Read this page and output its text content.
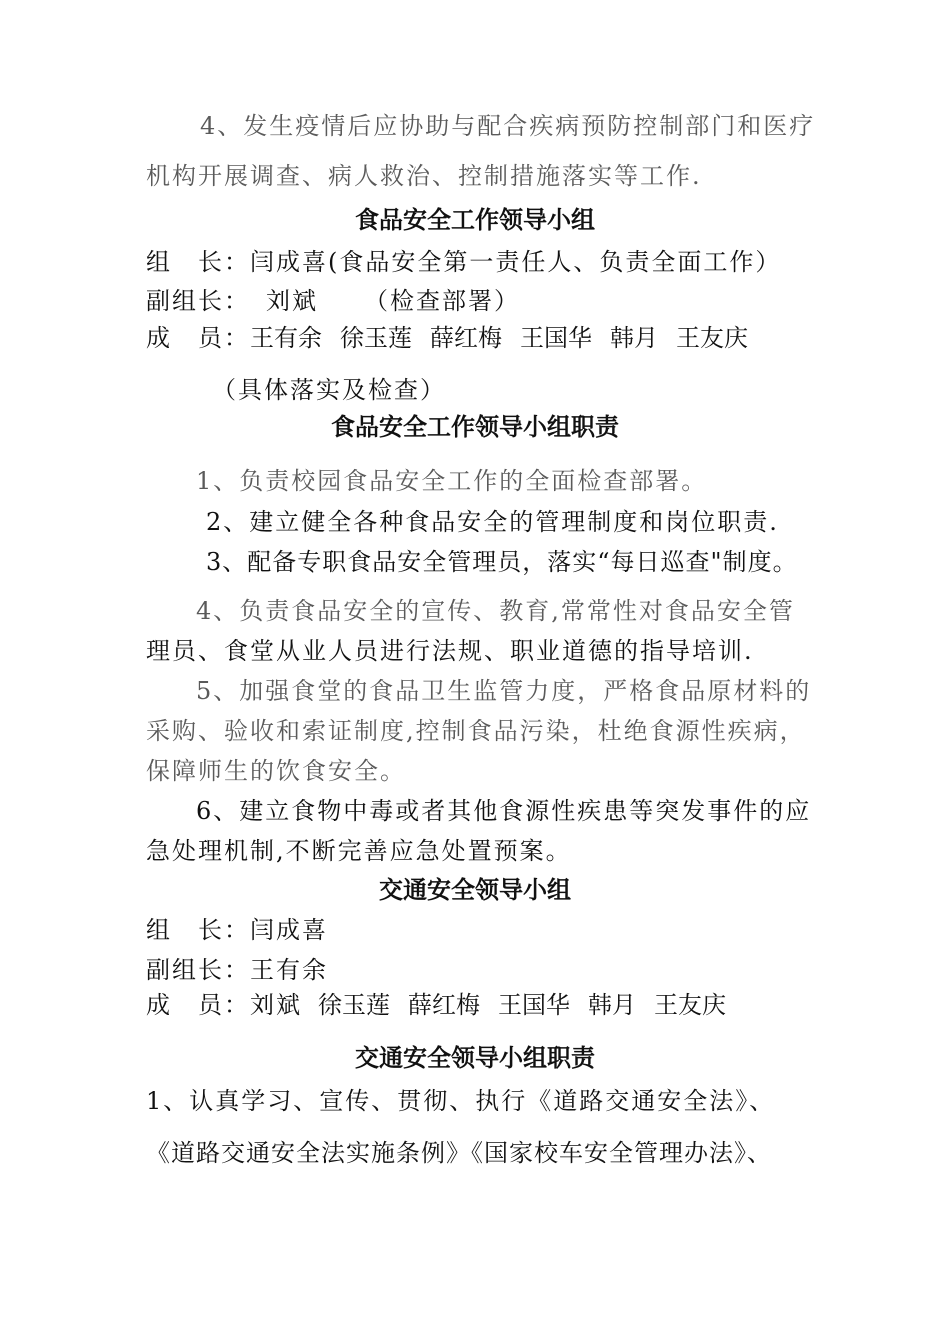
4、发生疫情后应协助与配合疾病预防控制部门和医疗
机构开展调查、病人救治、控制措施落实等工作.
食品安全工作领导小组
组　长：闫成喜(食品安全第一责任人、负责全面工作）
副组长： 刘斌 （检查部署）
成　员：王有余 徐玉莲 薛红梅 王国华 韩月 王友庆
（具体落实及检查）
食品安全工作领导小组职责
1、负责校园食品安全工作的全面检查部署。
2、建立健全各种食品安全的管理制度和岗位职责.
3、配备专职食品安全管理员，落实“每日巡查"制度。
4、负责食品安全的宣传、教育,常常性对食品安全管
理员、食堂从业人员进行法规、职业道德的指导培训.
5、加强食堂的食品卫生监管力度，严格食品原材料的
采购、验收和索证制度,控制食品污染，杜绝食源性疾病，
保障师生的饮食安全。
6、建立食物中毒或者其他食源性疾患等突发事件的应
急处理机制,不断完善应急处置预案。
交通安全领导小组
组　长：闫成喜
副组长：王有余
成　员：刘斌 徐玉莲 薛红梅 王国华 韩月 王友庆
交通安全领导小组职责
1、认真学习、宣传、贯彻、执行《道路交通安全法》、
《道路交通安全法实施条例》《国家校车安全管理办法》、
